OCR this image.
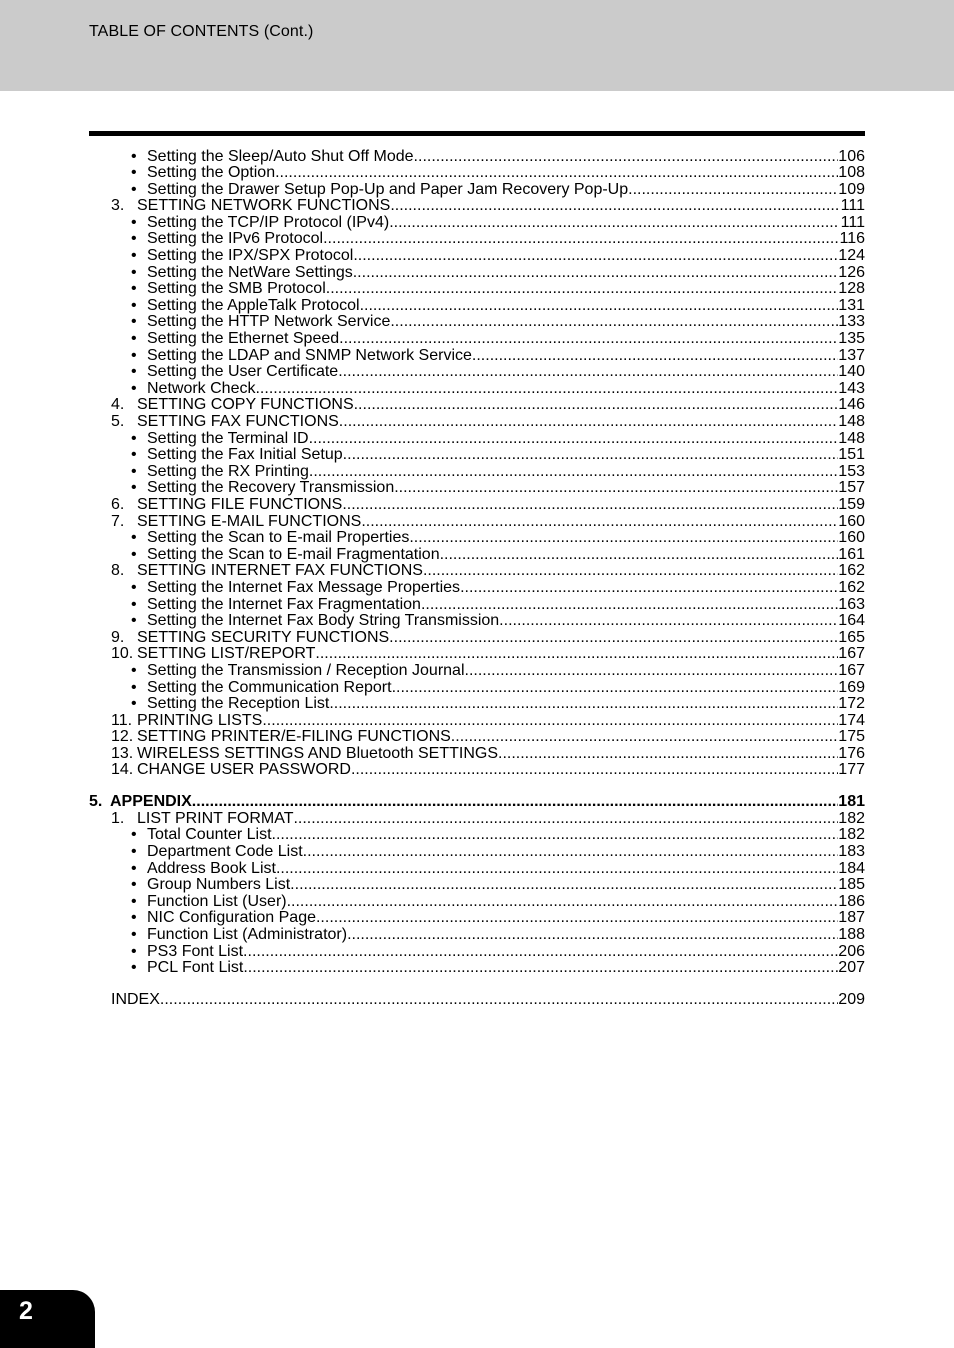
TABLE OF CONTENTS (Cont.)
• Setting the Sleep/Auto Shut Off Mode .....	106
• Setting the Option .....	108
• Setting the Drawer Setup Pop-Up and Paper Jam Recovery Pop-Up .....	109
3. SETTING NETWORK FUNCTIONS .....	111
• Setting the TCP/IP Protocol (IPv4) .....	111
• Setting the IPv6 Protocol .....	116
• Setting the IPX/SPX Protocol .....	124
• Setting the NetWare Settings .....	126
• Setting the SMB Protocol .....	128
• Setting the AppleTalk Protocol .....	131
• Setting the HTTP Network Service .....	133
• Setting the Ethernet Speed .....	135
• Setting the LDAP and SNMP Network Service .....	137
• Setting the User Certificate .....	140
• Network Check .....	143
4. SETTING COPY FUNCTIONS .....	146
5. SETTING FAX FUNCTIONS .....	148
• Setting the Terminal ID .....	148
• Setting the Fax Initial Setup .....	151
• Setting the RX Printing .....	153
• Setting the Recovery Transmission .....	157
6. SETTING FILE FUNCTIONS .....	159
7. SETTING E-MAIL FUNCTIONS .....	160
• Setting the Scan to E-mail Properties .....	160
• Setting the Scan to E-mail Fragmentation .....	161
8. SETTING INTERNET FAX FUNCTIONS .....	162
• Setting the Internet Fax Message Properties .....	162
• Setting the Internet Fax Fragmentation .....	163
• Setting the Internet Fax Body String Transmission .....	164
9. SETTING SECURITY FUNCTIONS .....	165
10. SETTING LIST/REPORT .....	167
• Setting the Transmission / Reception Journal .....	167
• Setting the Communication Report .....	169
• Setting the Reception List .....	172
11. PRINTING LISTS .....	174
12. SETTING PRINTER/E-FILING FUNCTIONS .....	175
13. WIRELESS SETTINGS AND Bluetooth SETTINGS .....	176
14. CHANGE USER PASSWORD .....	177
5. APPENDIX .....	181
1. LIST PRINT FORMAT .....	182
• Total Counter List .....	182
• Department Code List .....	183
• Address Book List .....	184
• Group Numbers List .....	185
• Function List (User) .....	186
• NIC Configuration Page .....	187
• Function List (Administrator) .....	188
• PS3 Font List .....	206
• PCL Font List .....	207
INDEX .....	209
2
